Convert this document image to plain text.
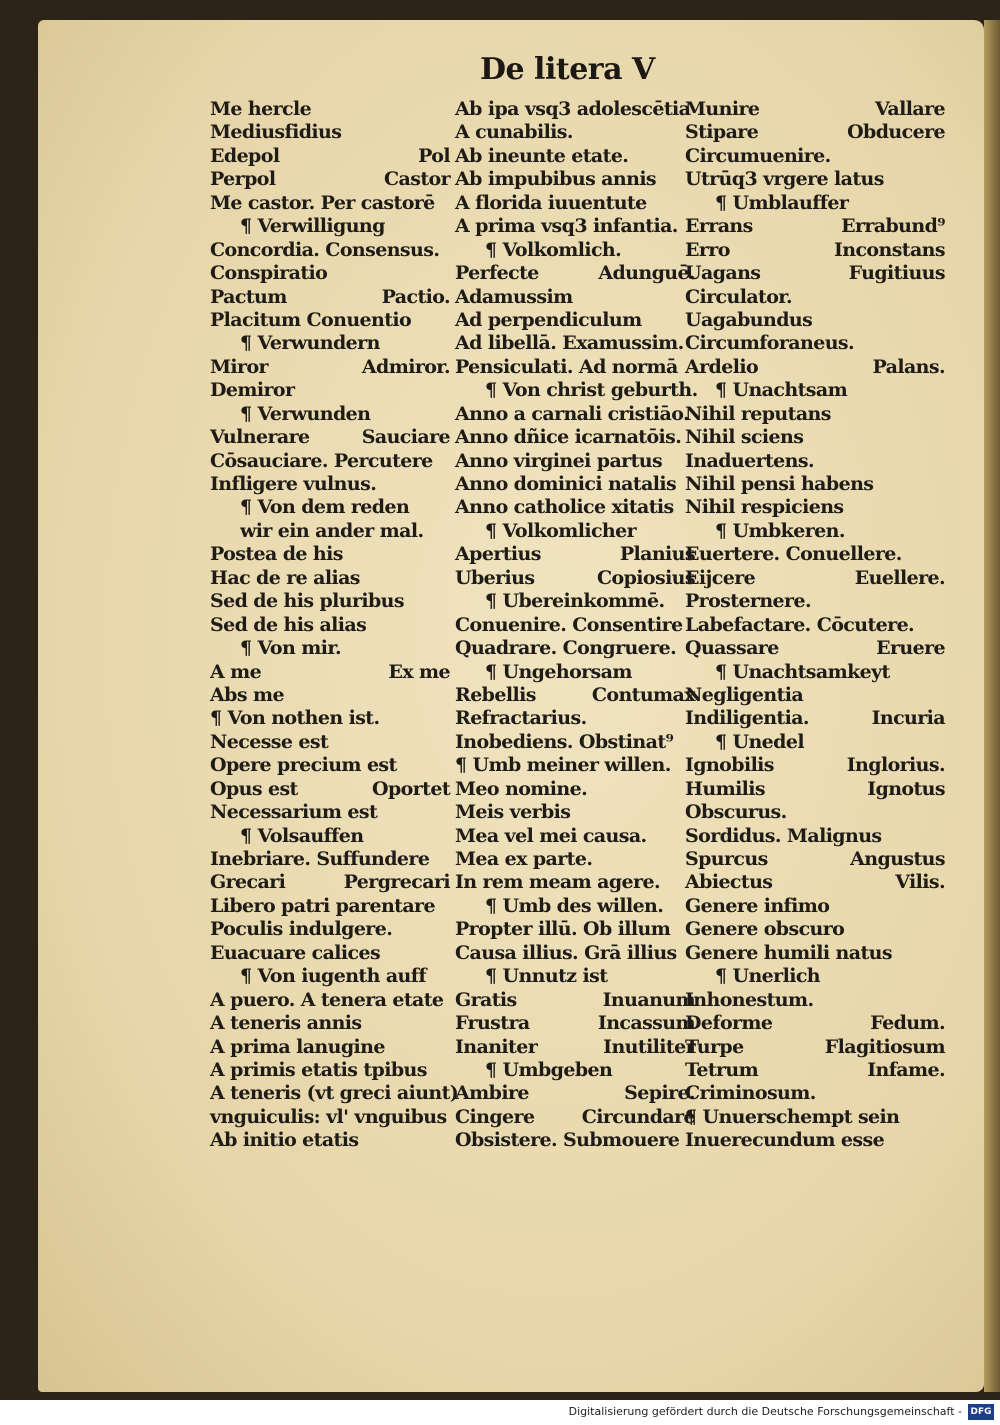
De litera V
Me hercle
Mediusfidius
Edepol	Pol
Perpol	Castor
Me castor. Per castorē
¶ Verwilligung
Concordia. Consensus.
Conspiratio
Pactum	Pactio.
Placitum Conuentio
¶ Verwundern
Miror	Admiror.
Demiror
¶ Verwunden
Vulnerare	Sauciare
Cōsauciare. Percutere
Infligere vulnus.
¶ Von dem reden
wir ein ander mal.
Postea de his
Hac de re alias
Sed de his pluribus
Sed de his alias
¶ Von mir.
A me	Ex me
Abs me
¶ Von nothen ist.
Necesse est
Opere precium est
Opus est	Oportet
Necessarium est
¶ Volsauffen
Inebriare. Suffundere
Grecari	Pergrecari
Libero patri parentare
Poculis indulgere.
Euacuare calices
¶ Von iugenth auff
A puero. A tenera etate
A teneris annis
A prima lanugine
A primis etatis tpibus
A teneris (vt greci aiunt)
vnguiculis: vl' vnguibus
Ab initio etatis
Ab ipa vsq3 adolescētia
A cunabilis.
Ab ineunte etate.
Ab impubibus annis
A florida iuuentute
A prima vsq3 infantia.
¶ Volkomlich.
Perfecte	Adunguē.
Adamussim
Ad perpendiculum
Ad libellā. Examussim.
Pensiculati. Ad normā
¶ Von christ geburth.
Anno a carnali cristiāo.
Anno dñice icarnatōis.
Anno virginei partus
Anno dominici natalis
Anno catholice xitatis
¶ Volkomlicher
Apertius	Planius
Uberius	Copiosius
¶ Ubereinkommē.
Conuenire. Consentire
Quadrare. Congruere.
¶ Ungehorsam
Rebellis	Contumax
Refractarius.
Inobediens. Obstinat⁹
¶ Umb meiner willen.
Meo nomine.
Meis verbis
Mea vel mei causa.
Mea ex parte.
In rem meam agere.
¶ Umb des willen.
Propter illū. Ob illum
Causa illius. Grā illius
¶ Unnutz ist
Gratis	Inuanum
Frustra	Incassum
Inaniter	Inutiliter
¶ Umbgeben
Ambire	Sepire.
Cingere Circundare
Obsistere. Submouere
Munire	Vallare
Stipare	Obducere
Circumuenire.
Utrūq3 vrgere latus
¶ Umblauffer
Errans	Errabund⁹
Erro	Inconstans
Uagans	Fugitiuus
Circulator.
Uagabundus
Circumforaneus.
Ardelio	Palans.
¶ Unachtsam
Nihil reputans
Nihil sciens
Inaduertens.
Nihil pensi habens
Nihil respiciens
¶ Umbkeren.
Euertere. Conuellere.
Eijcere	Euellere.
Prosternere.
Labefactare. Cōcutere.
Quassare	Eruere
¶ Unachtsamkeyt
Negligentia
Indiligentia.	Incuria
¶ Unedel
Ignobilis	Inglorius.
Humilis	Ignotus
Obscurus.
Sordidus. Malignus
Spurcus	Angustus
Abiectus	Vilis.
Genere infimo
Genere obscuro
Genere humili natus
¶ Unerlich
Inhonestum.
Deforme	Fedum.
Turpe	Flagitiosum
Tetrum	Infame.
Criminosum.
¶ Unuerschempt sein
Inuerecundum esse
Digitalisierung gefördert durch die Deutsche Forschungsgemeinschaft - DFG
